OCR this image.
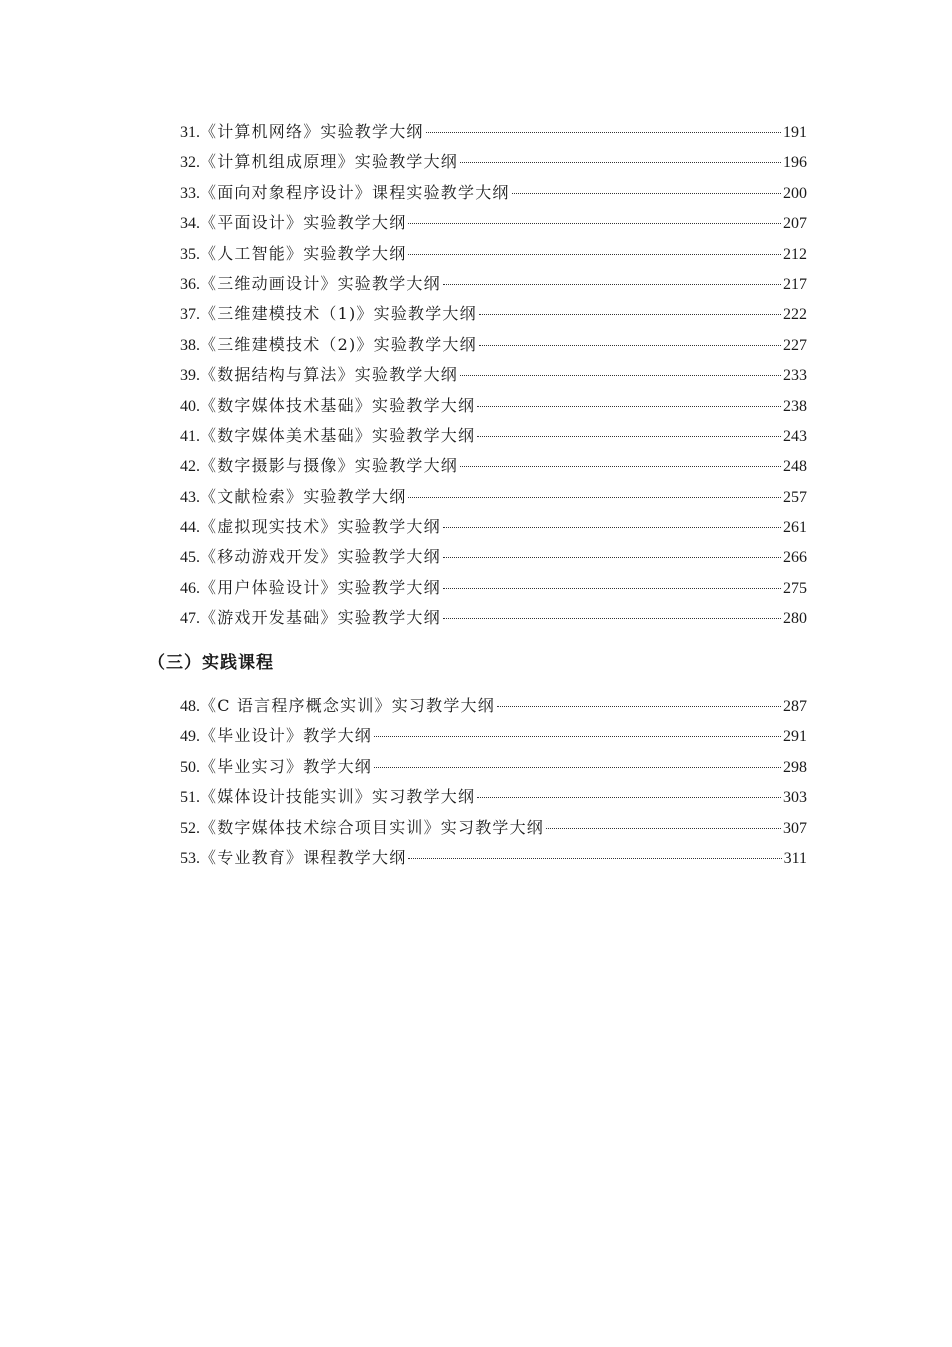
31. 《计算机网络》实验教学大纲	191
32. 《计算机组成原理》实验教学大纲	196
33. 《面向对象程序设计》课程实验教学大纲	200
34. 《平面设计》实验教学大纲	207
35. 《人工智能》实验教学大纲	212
36. 《三维动画设计》实验教学大纲	217
37. 《三维建模技术（1)》实验教学大纲	222
38. 《三维建模技术（2)》实验教学大纲	227
39. 《数据结构与算法》实验教学大纲	233
40. 《数字媒体技术基础》实验教学大纲	238
41. 《数字媒体美术基础》实验教学大纲	243
42. 《数字摄影与摄像》实验教学大纲	248
43. 《文献检索》实验教学大纲	257
44. 《虚拟现实技术》实验教学大纲	261
45. 《移动游戏开发》实验教学大纲	266
46. 《用户体验设计》实验教学大纲	275
47. 《游戏开发基础》实验教学大纲	280
（三）实践课程
48. 《C 语言程序概念实训》实习教学大纲	287
49. 《毕业设计》教学大纲	291
50. 《毕业实习》教学大纲	298
51. 《媒体设计技能实训》实习教学大纲	303
52. 《数字媒体技术综合项目实训》实习教学大纲	307
53. 《专业教育》课程教学大纲	311
